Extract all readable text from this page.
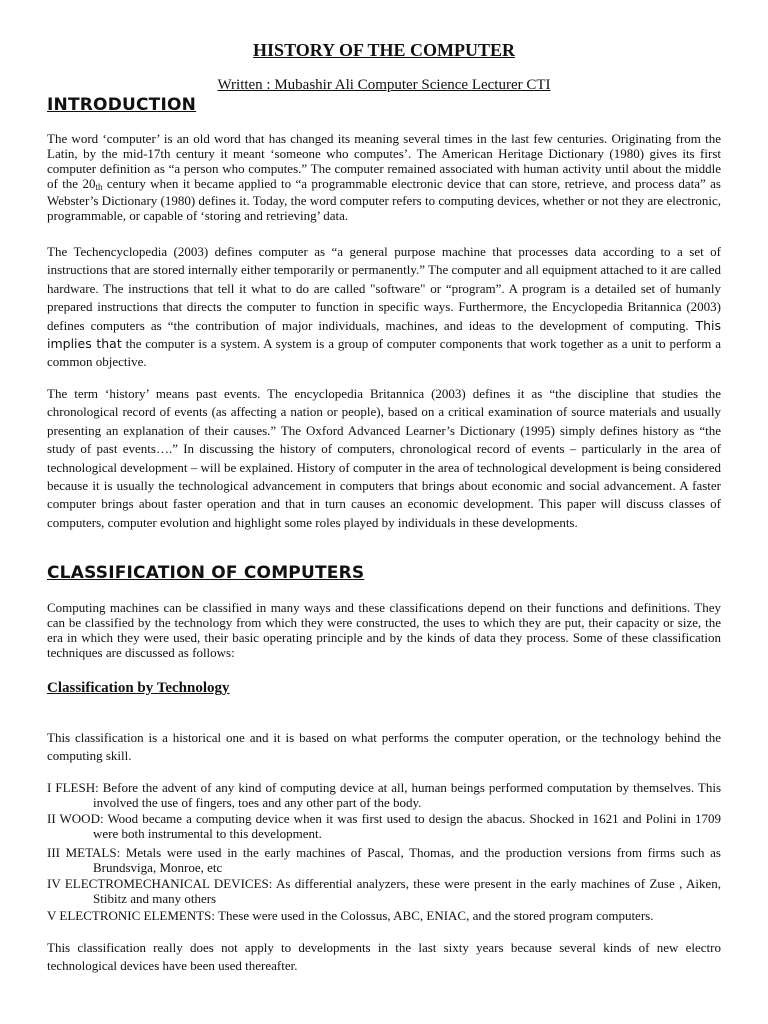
HISTORY OF THE COMPUTER
Written : Mubashir Ali Computer Science Lecturer CTI
INTRODUCTION
The word ‘computer’ is an old word that has changed its meaning several times in the last few centuries. Originating from the Latin, by the mid-17th century it meant ‘someone who computes’. The American Heritage Dictionary (1980) gives its first computer definition as “a person who computes.” The computer remained associated with human activity until about the middle of the $20_{th}$ century when it became applied to “a programmable electronic device that can store, retrieve, and process data” as Webster’s Dictionary (1980) defines it. Today, the word computer refers to computing devices, whether or not they are electronic, programmable, or capable of ‘storing and retrieving’ data.
The Techencyclopedia (2003) defines computer as “a general purpose machine that processes data according to a set of instructions that are stored internally either temporarily or permanently.” The computer and all equipment attached to it are called hardware. The instructions that tell it what to do are called "software" or “program”. A program is a detailed set of humanly prepared instructions that directs the computer to function in specific ways. Furthermore, the Encyclopedia Britannica (2003) defines computers as “the contribution of major individuals, machines, and ideas to the development of computing. This implies that the computer is a system. A system is a group of computer components that work together as a unit to perform a common objective.
The term ‘history’ means past events. The encyclopedia Britannica (2003) defines it as “the discipline that studies the chronological record of events (as affecting a nation or people), based on a critical examination of source materials and usually presenting an explanation of their causes.” The Oxford Advanced Learner’s Dictionary (1995) simply defines history as “the study of past events….” In discussing the history of computers, chronological record of events – particularly in the area of technological development – will be explained. History of computer in the area of technological development is being considered because it is usually the technological advancement in computers that brings about economic and social advancement. A faster computer brings about faster operation and that in turn causes an economic development. This paper will discuss classes of computers, computer evolution and highlight some roles played by individuals in these developments.
CLASSIFICATION OF COMPUTERS
Computing machines can be classified in many ways and these classifications depend on their functions and definitions. They can be classified by the technology from which they were constructed, the uses to which they are put, their capacity or size, the era in which they were used, their basic operating principle and by the kinds of data they process. Some of these classification techniques are discussed as follows:
Classification by Technology
This classification is a historical one and it is based on what performs the computer operation, or the technology behind the computing skill.
I FLESH: Before the advent of any kind of computing device at all, human beings performed computation by themselves. This involved the use of fingers, toes and any other part of the body.
II WOOD: Wood became a computing device when it was first used to design the abacus. Shocked in 1621 and Polini in 1709 were both instrumental to this development.
III METALS: Metals were used in the early machines of Pascal, Thomas, and the production versions from firms such as Brundsviga, Monroe, etc
IV ELECTROMECHANICAL DEVICES: As differential analyzers, these were present in the early machines of Zuse , Aiken, Stibitz and many others
V ELECTRONIC ELEMENTS: These were used in the Colossus, ABC, ENIAC, and the stored program computers.
This classification really does not apply to developments in the last sixty years because several kinds of new electro technological devices have been used thereafter.
